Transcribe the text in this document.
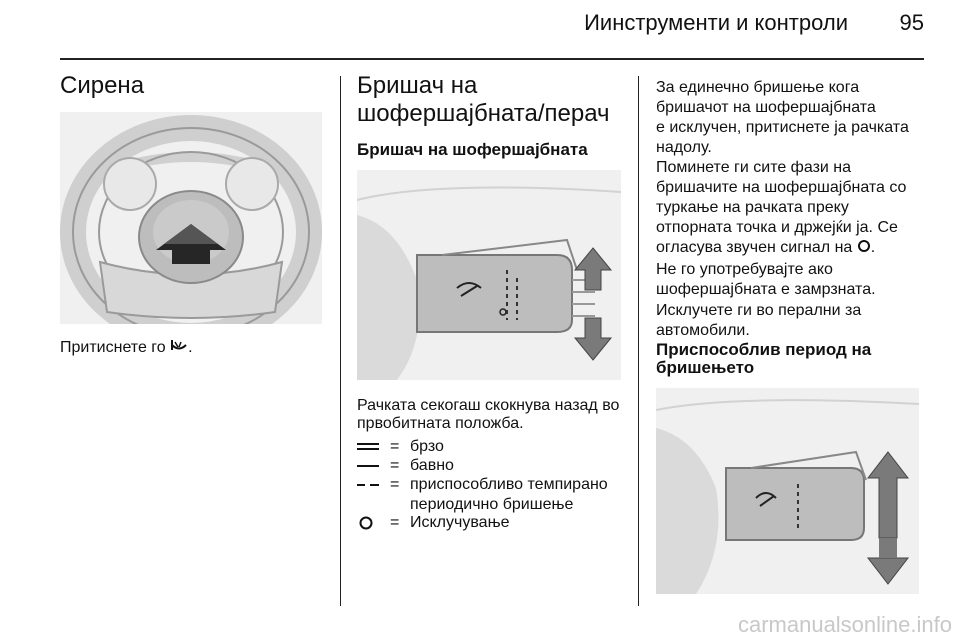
Иинструменти и контроли 95
Сирена
Притиснете го .
Бришач на
шофершајбната/перач
Бришач на шофершајбната
Рачката секогаш скокнува назад во
првобитната положба.
= брзо
= бавно
= приспособливо темпирано периодично бришење
= Исклучување
За единечно бришење кога
бришачот на шофершајбната
е исклучен, притиснете ја рачката
надолу.
Поминете ги сите фази на
бришачите на шофершајбната со
туркање на рачката преку
отпорната точка и држејќи ја. Се
огласува звучен сигнал на .
Не го употребувајте ако
шофершајбната е замрзната.
Исклучете ги во перални за
автомобили.
Приспособлив период на
бришењето
carmanualsonline.info
